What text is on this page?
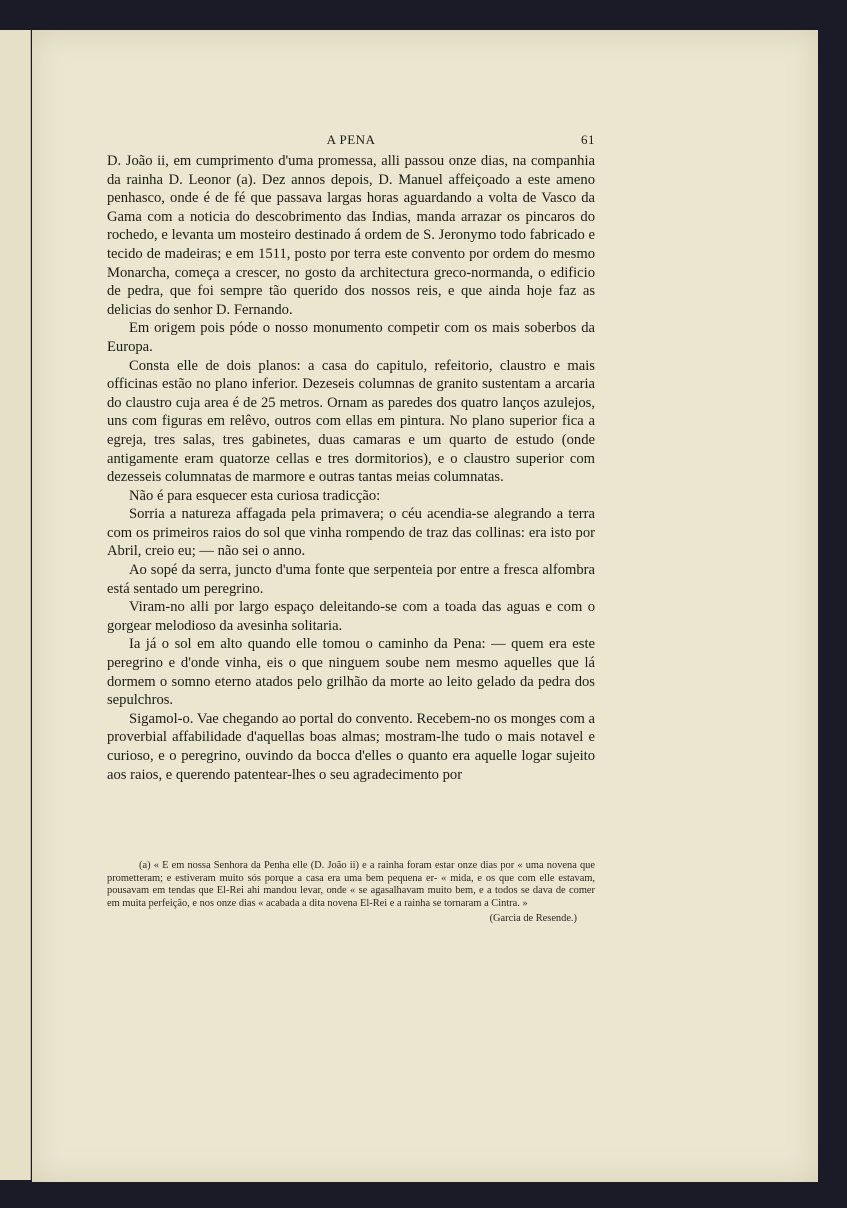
A PENA	61

D. João ii, em cumprimento d'uma promessa, alli passou onze dias, na companhia da rainha D. Leonor (a). Dez annos depois, D. Manuel affeiçoado a este ameno penhasco, onde é de fé que passava largas horas aguardando a volta de Vasco da Gama com a noticia do descobrimento das Indias, manda arrazar os pincaros do rochedo, e levanta um mosteiro destinado á ordem de S. Jeronymo todo fabricado e tecido de madeiras; e em 1511, posto por terra este convento por ordem do mesmo Monarcha, começa a crescer, no gosto da architectura greco-normanda, o edificio de pedra, que foi sempre tão querido dos nossos reis, e que ainda hoje faz as delicias do senhor D. Fernando.

Em origem pois póde o nosso monumento competir com os mais soberbos da Europa.

Consta elle de dois planos: a casa do capitulo, refeitorio, claustro e mais officinas estão no plano inferior. Dezeseis columnas de granito sustentam a arcaria do claustro cuja area é de 25 metros. Ornam as paredes dos quatro lanços azulejos, uns com figuras em relêvo, outros com ellas em pintura. No plano superior fica a egreja, tres salas, tres gabinetes, duas camaras e um quarto de estudo (onde antigamente eram quatorze cellas e tres dormitorios), e o claustro superior com dezesseis columnatas de marmore e outras tantas meias columnatas.

Não é para esquecer esta curiosa tradicção:

Sorria a natureza affagada pela primavera; o céu acendia-se alegrando a terra com os primeiros raios do sol que vinha rompendo de traz das collinas: era isto por Abril, creio eu; — não sei o anno.

Ao sopé da serra, juncto d'uma fonte que serpenteia por entre a fresca alfombra está sentado um peregrino.

Viram-no alli por largo espaço deleitando-se com a toada das aguas e com o gorgear melodioso da avesinha solitaria.

Ia já o sol em alto quando elle tomou o caminho da Pena: — quem era este peregrino e d'onde vinha, eis o que ninguem soube nem mesmo aquelles que lá dormem o somno eterno atados pelo grilhão da morte ao leito gelado da pedra dos sepulchros.

Sigamol-o. Vae chegando ao portal do convento. Recebem-no os monges com a proverbial affabilidade d'aquellas boas almas; mostram-lhe tudo o mais notavel e curioso, e o peregrino, ouvindo da bocca d'elles o quanto era aquelle logar sujeito aos raios, e querendo patentear-lhes o seu agradecimento por

(a) « E em nossa Senhora da Penha elle (D. João ii) e a rainha foram estar onze dias por « uma novena que prometteram; e estiveram muito sós porque a casa era uma bem pequena er- « mida, e os que com elle estavam, pousavam em tendas que El-Rei ahi mandou levar, onde « se agasalhavam muito bem, e a todos se dava de comer em muita perfeição, e nos onze dias « acabada a dita novena El-Rei e a rainha se tornaram a Cintra. »
(Garcia de Resende.)
